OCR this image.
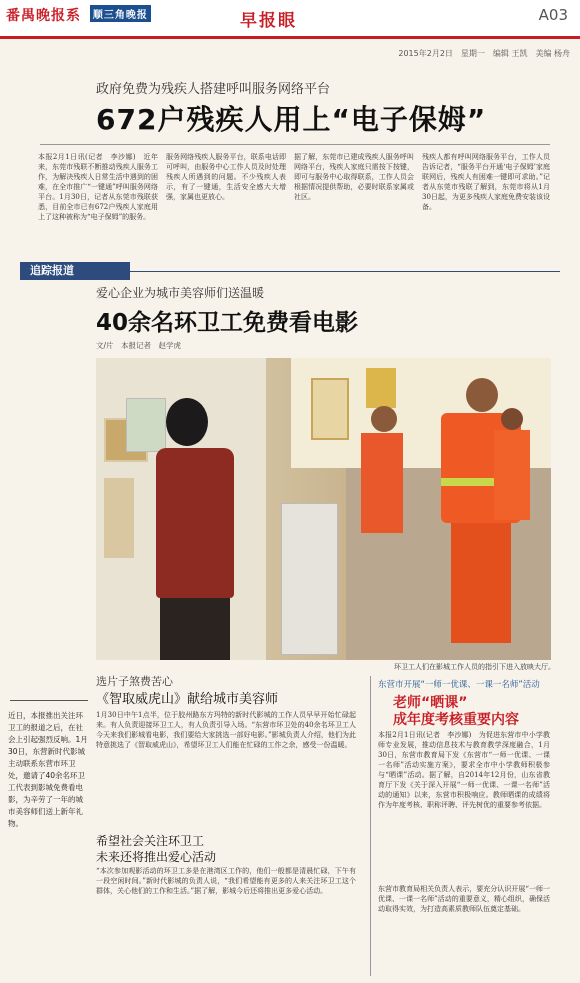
番禺晚报系 顺三角晚报	早报眼	A03
2015年2月2日　星期一　编辑 王凯　美编 杨舟
政府免费为残疾人搭建呼叫服务网络平台
672户残疾人用上“电子保姆”
本报2月1日讯(记者　李沙娜)　近年来，东莞市残联不断推动残疾人服务工作，为解决残疾人日常生活中遇到的困难，在全市推广“一键通”呼叫服务网络平台。1月30日，记者从东莞市残联获悉，目前全市已有672户残疾人家庭用上了这种被称为“电子保姆”的服务。
服务网络残疾人服务平台，联系电话即可呼叫，由服务中心工作人员及时处理残疾人所遇到的问题。不少残疾人表示，有了一键通，生活安全感大大增强，家属也更放心。
据了解，东莞市已建成残疾人服务呼叫网络平台，残疾人家庭只需按下按键，即可与服务中心取得联系，工作人员会根据情况提供帮助，必要时联系家属或社区。
残疾人都有呼叫网络服务平台，工作人员告诉记者，“服务平台开通‘电子保姆’家庭联网后，残疾人有困难一键即可求助。”记者从东莞市残联了解到，东莞市将从1月30日起，为更多残疾人家庭免费安装该设备。
追踪报道
爱心企业为城市美容师们送温暖
40余名环卫工免费看电影
文/片　本报记者　赵学虎
环卫工人们在影城工作人员的指引下进入放映大厅。
近日，本报推出关注环卫工的报道之后，在社会上引起强烈反响。1月30日，东营新时代影城主动联系东营市环卫处，邀请了40余名环卫工代表到影城免费看电影，为辛劳了一年的城市美容师们送上新年礼物。
选片子煞费苦心
《智取威虎山》献给城市美容师
1月30日中午1点半，位于胶州路东方玛特的新时代影城的工作人员早早开始忙碌起来。有人负责迎接环卫工人，有人负责引导入场。“东营市环卫处的40余名环卫工人今天来我们影城看电影，我们要给大家挑选一部好电影。”影城负责人介绍，他们为此特意挑选了《智取威虎山》，希望环卫工人们能在忙碌的工作之余，感受一份温暖。
希望社会关注环卫工
未来还将推出爱心活动
“本次参加观影活动的环卫工多是在港湾区工作的，他们一般都是清晨忙碌，下午有一段空闲时间。”新时代影城的负责人说，“我们希望能有更多的人来关注环卫工这个群体，关心他们的工作和生活。”据了解，影城今后还将推出更多爱心活动。
东营市开展“一师一优课、一课一名师”活动
老师“晒课”
成年度考核重要内容
本报2月1日讯(记者　李沙娜)　为促进东营市中小学教师专业发展，推动信息技术与教育教学深度融合，1月30日，东营市教育局下发《东营市“一师一优课、一课一名师”活动实施方案》，要求全市中小学教师积极参与“晒课”活动。据了解，自2014年12月份，山东省教育厅下发《关于深入开展“一师一优课、一课一名师”活动的通知》以来，东营市积极响应。教师晒课的成绩将作为年度考核、职称评聘、评先树优的重要参考依据。
东营市教育局相关负责人表示，要充分认识开展“一师一优课、一课一名师”活动的重要意义，精心组织，确保活动取得实效，为打造高素质教师队伍奠定基础。
